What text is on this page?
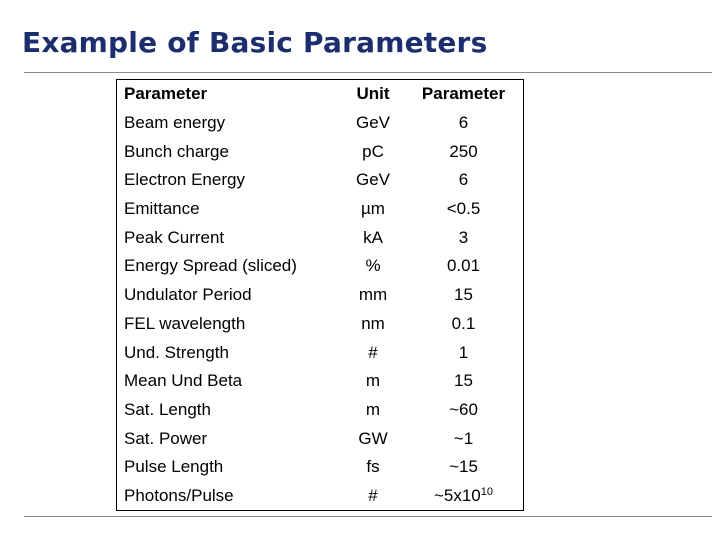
Example of Basic Parameters
Parameter	Unit	Parameter
Beam energy	GeV	6
Bunch charge	pC	250
Electron Energy	GeV	6
Emittance	µm	<0.5
Peak Current	kA	3
Energy Spread (sliced)	%	0.01
Undulator Period	mm	15
FEL wavelength	nm	0.1
Und. Strength	#	1
Mean Und Beta	m	15
Sat. Length	m	~60
Sat. Power	GW	~1
Pulse Length	fs	~15
Photons/Pulse	#	$\sim 5x10^{10}$
